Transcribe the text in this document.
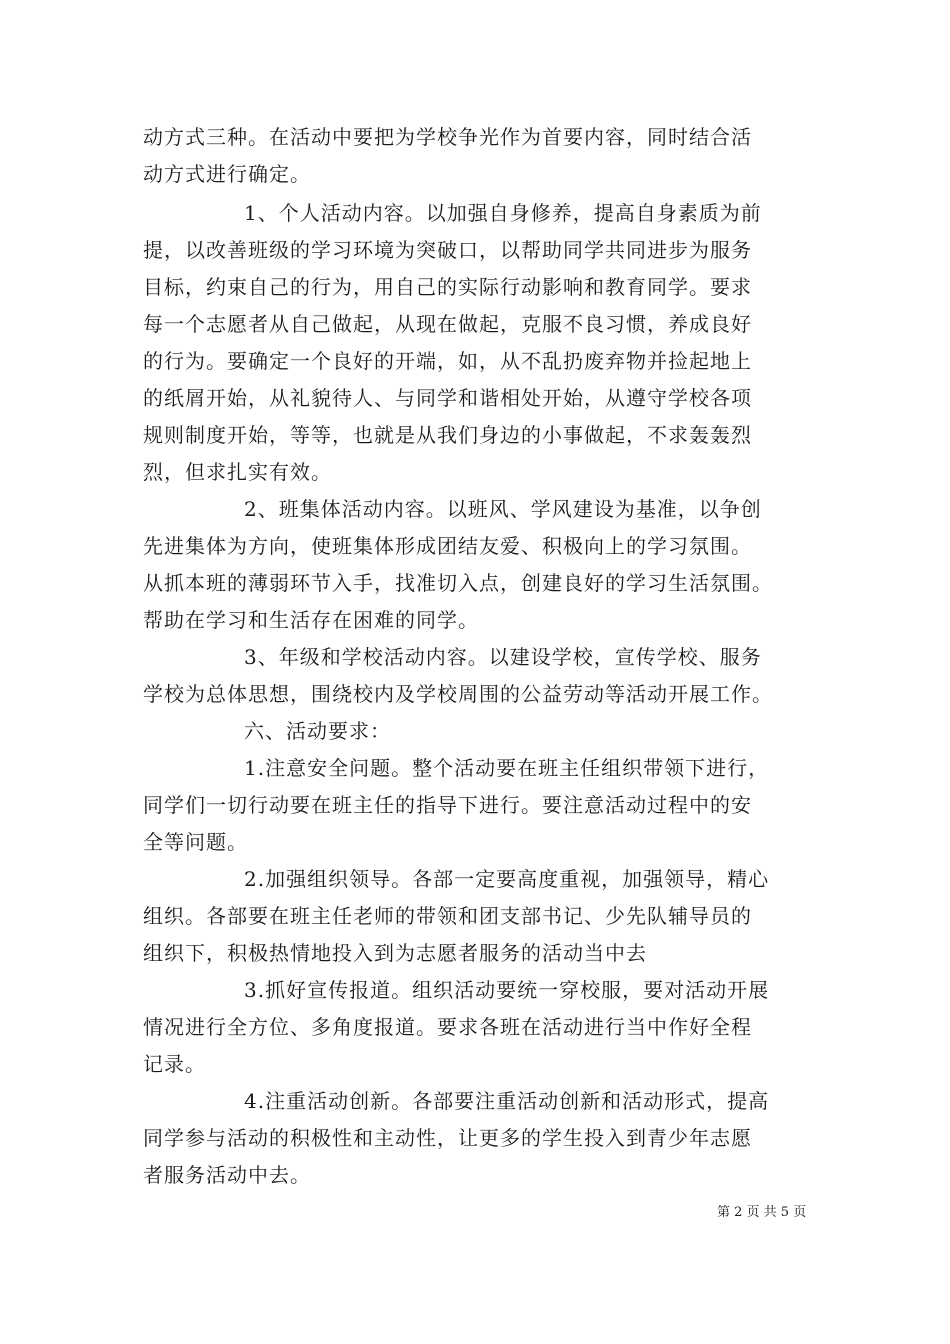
动方式三种。在活动中要把为学校争光作为首要内容，同时结合活
动方式进行确定。
1、个人活动内容。以加强自身修养，提高自身素质为前
提，以改善班级的学习环境为突破口，以帮助同学共同进步为服务
目标，约束自己的行为，用自己的实际行动影响和教育同学。要求
每一个志愿者从自己做起，从现在做起，克服不良习惯，养成良好
的行为。要确定一个良好的开端，如，从不乱扔废弃物并捡起地上
的纸屑开始，从礼貌待人、与同学和谐相处开始，从遵守学校各项
规则制度开始，等等，也就是从我们身边的小事做起，不求轰轰烈
烈，但求扎实有效。
2、班集体活动内容。以班风、学风建设为基准，以争创
先进集体为方向，使班集体形成团结友爱、积极向上的学习氛围。
从抓本班的薄弱环节入手，找准切入点，创建良好的学习生活氛围。
帮助在学习和生活存在困难的同学。
3、年级和学校活动内容。以建设学校，宣传学校、服务
学校为总体思想，围绕校内及学校周围的公益劳动等活动开展工作。
六、活动要求：
1.注意安全问题。整个活动要在班主任组织带领下进行，
同学们一切行动要在班主任的指导下进行。要注意活动过程中的安
全等问题。
2.加强组织领导。各部一定要高度重视，加强领导，精心
组织。各部要在班主任老师的带领和团支部书记、少先队辅导员的
组织下，积极热情地投入到为志愿者服务的活动当中去
3.抓好宣传报道。组织活动要统一穿校服，要对活动开展
情况进行全方位、多角度报道。要求各班在活动进行当中作好全程
记录。
4.注重活动创新。各部要注重活动创新和活动形式，提高
同学参与活动的积极性和主动性，让更多的学生投入到青少年志愿
者服务活动中去。
第 2 页 共 5 页
